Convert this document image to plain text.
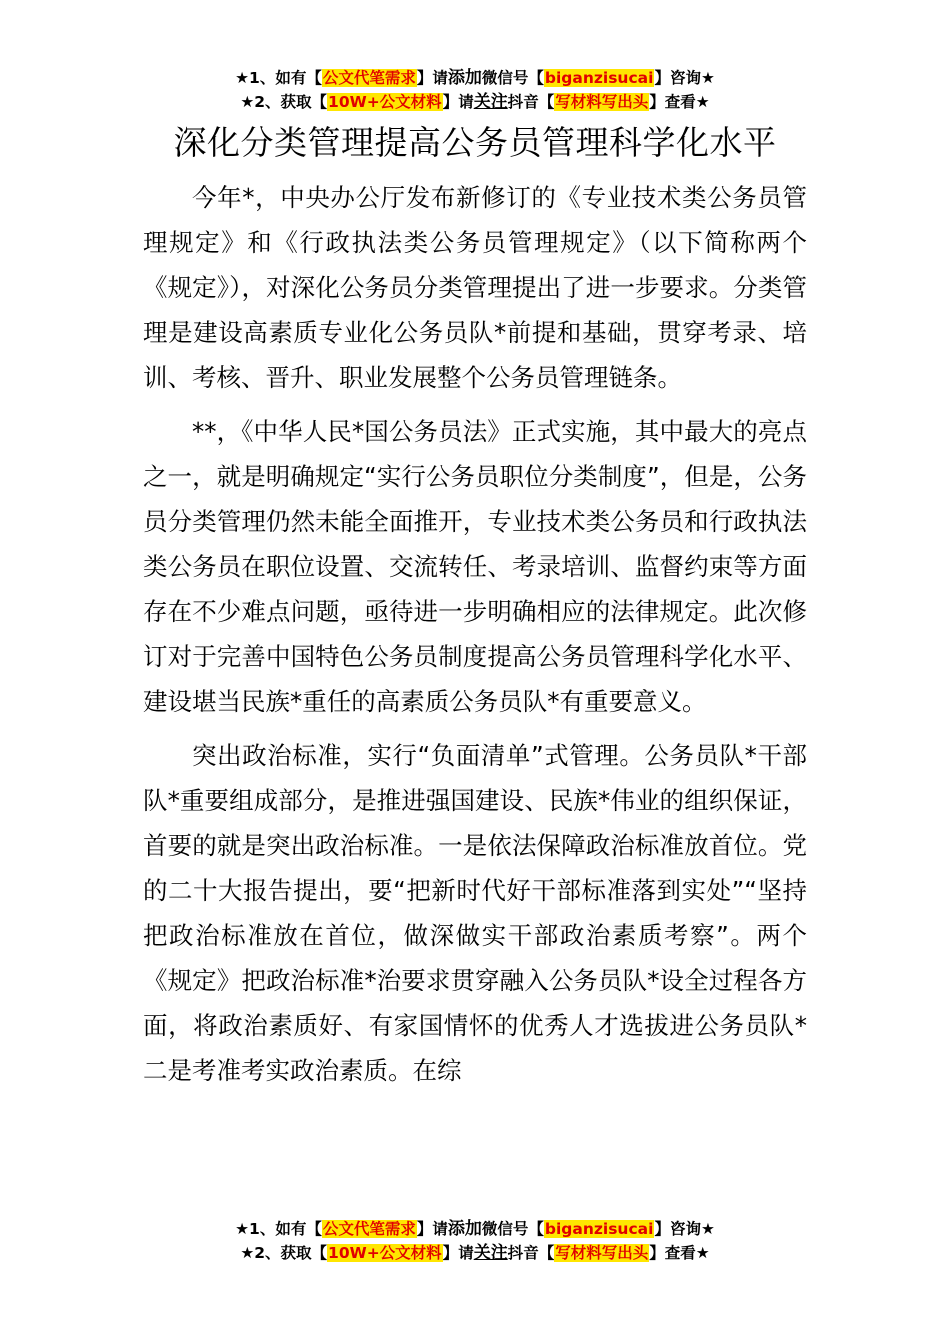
★1、如有【公文代笔需求】请添加微信号【biganzisucai】咨询★
★2、获取【10W+公文材料】请关注抖音【写材料写出头】查看★
深化分类管理提高公务员管理科学化水平

今年*，中央办公厅发布新修订的《专业技术类公务员管理规定》和《行政执法类公务员管理规定》（以下简称两个《规定》），对深化公务员分类管理提出了进一步要求。分类管理是建设高素质专业化公务员队*前提和基础，贯穿考录、培训、考核、晋升、职业发展整个公务员管理链条。

**，《中华人民*国公务员法》正式实施，其中最大的亮点之一，就是明确规定“实行公务员职位分类制度”，但是，公务员分类管理仍然未能全面推开，专业技术类公务员和行政执法类公务员在职位设置、交流转任、考录培训、监督约束等方面存在不少难点问题，亟待进一步明确相应的法律规定。此次修订对于完善中国特色公务员制度提高公务员管理科学化水平、建设堪当民族*重任的高素质公务员队*有重要意义。

突出政治标准，实行“负面清单”式管理。公务员队*干部队*重要组成部分，是推进强国建设、民族*伟业的组织保证，首要的就是突出政治标准。一是依法保障政治标准放首位。党的二十大报告提出，要“把新时代好干部标准落到实处”“坚持把政治标准放在首位，做深做实干部政治素质考察”。两个《规定》把政治标准*治要求贯穿融入公务员队*设全过程各方面，将政治素质好、有家国情怀的优秀人才选拔进公务员队*二是考准考实政治素质。在综

★1、如有【公文代笔需求】请添加微信号【biganzisucai】咨询★
★2、获取【10W+公文材料】请关注抖音【写材料写出头】查看★
